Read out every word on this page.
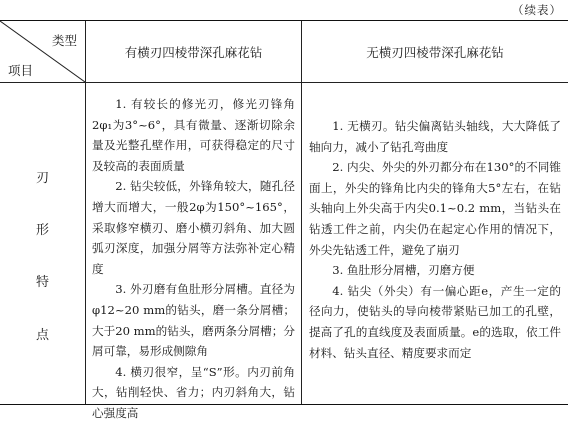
（续表）
类型
项目
有横刃四棱带深孔麻花钻	无横刃四棱带深孔麻花钻
刃
形
特
点

1. 有较长的修光刃，修光刃锋角2φ₁为3°~6°，具有微量、逐渐切除余量及光整孔壁作用，可获得稳定的尺寸及较高的表面质量

2. 钻尖较低，外锋角较大，随孔径增大而增大，一般2φ为150°~165°，采取修窄横刃、磨小横刃斜角、加大圆弧刃深度，加强分屑等方法弥补定心精度

3. 外刃磨有鱼肚形分屑槽。直径为φ12~20 mm的钻头，磨一条分屑槽；大于20 mm的钻头，磨两条分屑槽；分屑可靠，易形成侧隙角

4. 横刃很窄，呈“S”形。内刃前角大，钻削轻快、省力；内刃斜角大，钻心强度高

1. 无横刃。钻尖偏离钻头轴线，大大降低了轴向力，减小了钻孔弯曲度

2. 内尖、外尖的外刃都分布在130°的不同锥面上，外尖的锋角比内尖的锋角大5°左右，在钻头轴向上外尖高于内尖0.1~0.2 mm，当钻头在钻透工件之前，内尖仍在起定心作用的情况下，外尖先钻透工件，避免了崩刃

3. 鱼肚形分屑槽，刃磨方便

4. 钻尖（外尖）有一偏心距e，产生一定的径向力，使钻头的导向棱带紧贴已加工的孔壁，提高了孔的直线度及表面质量。e的选取，依工件材料、钻头直径、精度要求而定
